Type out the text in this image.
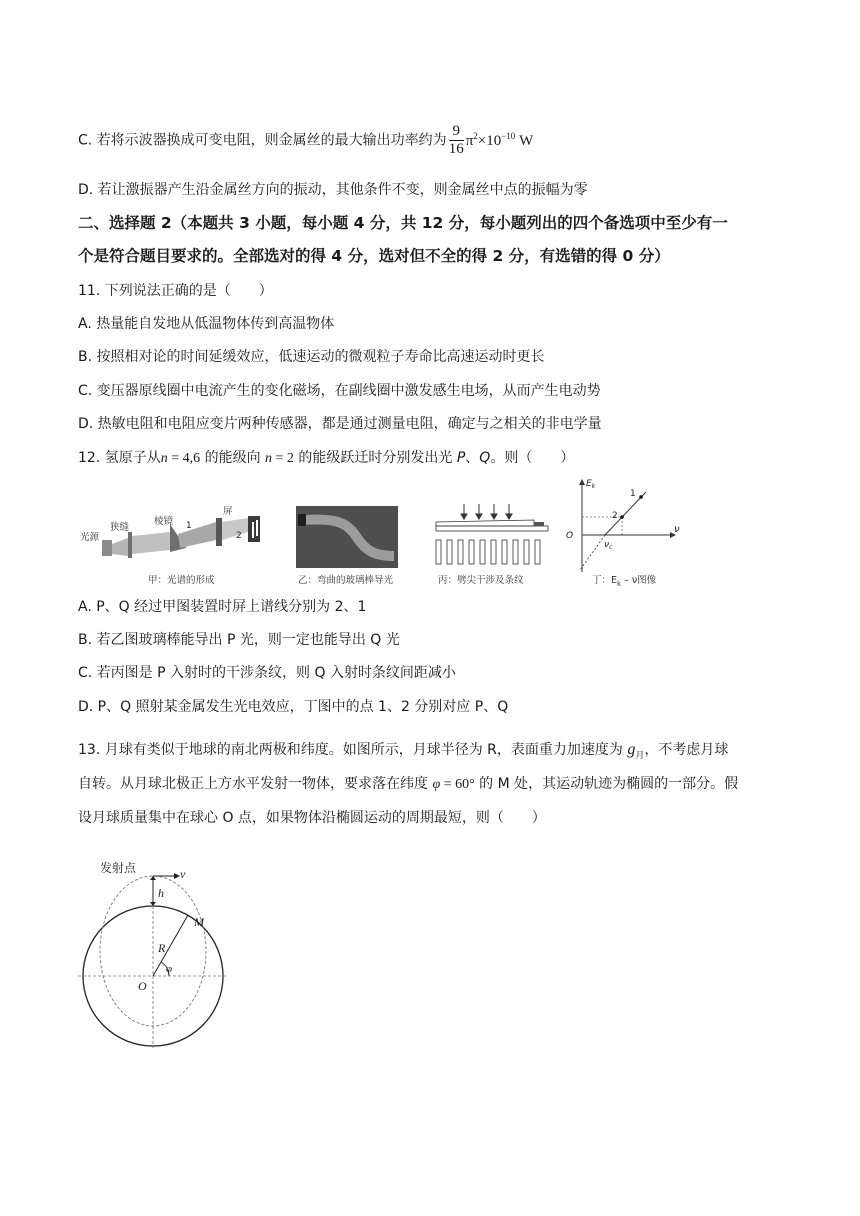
C. 若将示波器换成可变电阻，则金属丝的最大输出功率约为 $\frac{9}{16} \pi^2\times 10^{-10}$ W
D. 若让激振器产生沿金属丝方向的振动，其他条件不变，则金属丝中点的振幅为零
二、选择题 2（本题共 3 小题，每小题 4 分，共 12 分，每小题列出的四个备选项中至少有一
个是符合题目要求的。全部选对的得 4 分，选对但不全的得 2 分，有选错的得 0 分）
11. 下列说法正确的是（　　）
A. 热量能自发地从低温物体传到高温物体
B. 按照相对论的时间延缓效应，低速运动的微观粒子寿命比高速运动时更长
C. 变压器原线圈中电流产生的变化磁场，在副线圈中激发感生电场，从而产生电动势
D. 热敏电阻和电阻应变片两种传感器，都是通过测量电阻，确定与之相关的非电学量
12. 氢原子从n = 4,6 的能级向 n = 2 的能级跃迁时分别发出光 P、Q。则（　　）
光源
狭缝
棱镜
屏
1
2
甲：光谱的形成	乙：弯曲的玻璃棒导光	丙：劈尖干涉及条纹
$E_k$
ν
O
$\nu_c$
1
2
丁：$E_k$ – ν图像
A. P、Q 经过甲图装置时屏上谱线分别为 2、1
B. 若乙图玻璃棒能导出 P 光，则一定也能导出 Q 光
C. 若丙图是 P 入射时的干涉条纹，则 Q 入射时条纹间距减小
D. P、Q 照射某金属发生光电效应，丁图中的点 1、2 分别对应 P、Q
13. 月球有类似于地球的南北两极和纬度。如图所示，月球半径为 R，表面重力加速度为 $g_月$，不考虑月球
自转。从月球北极正上方水平发射一物体，要求落在纬度 φ = 60° 的 M 处，其运动轨迹为椭圆的一部分。假
设月球质量集中在球心 O 点，如果物体沿椭圆运动的周期最短，则（　　）
发射点	v
h
M
R
φ
O
